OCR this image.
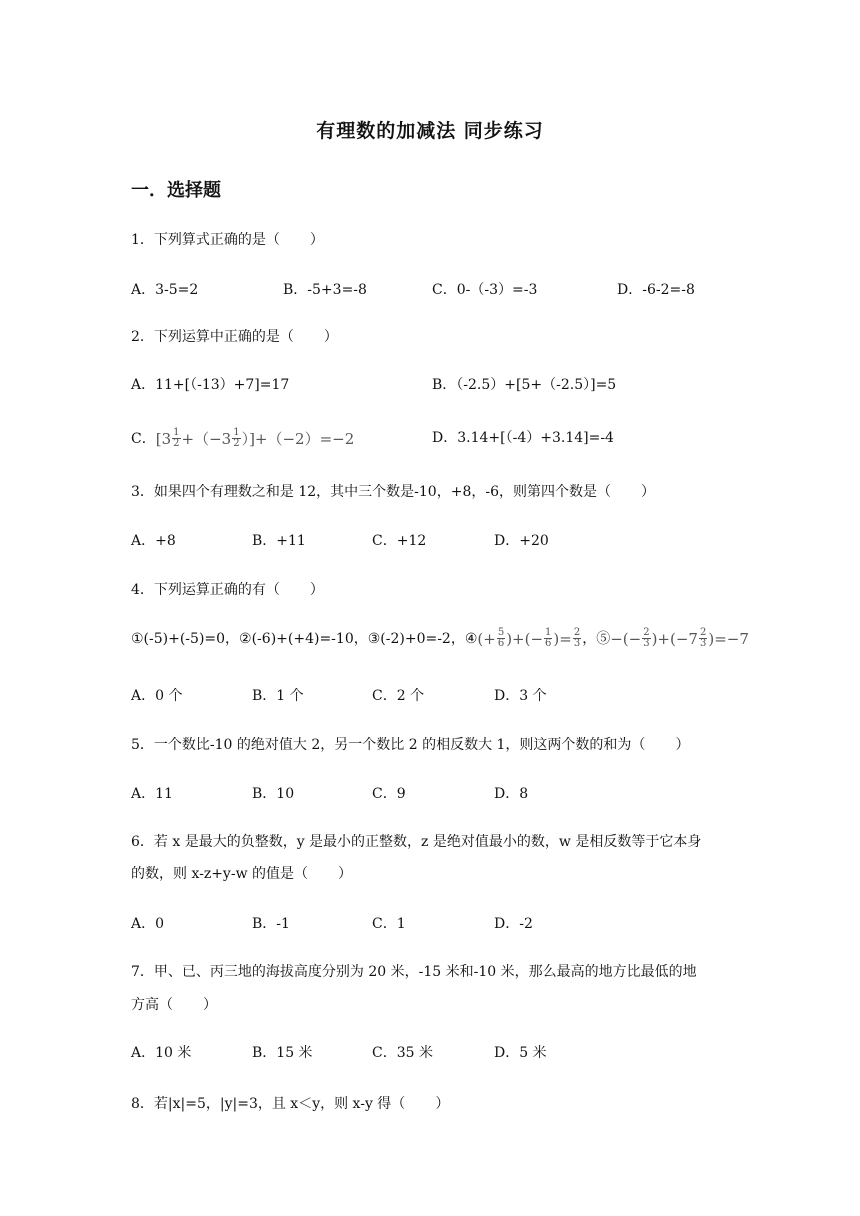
有理数的加减法 同步练习
一．选择题
1．下列算式正确的是（ ）
A．3-5=2	B．-5+3=-8	C．0-（-3）=-3	D．-6-2=-8
2．下列运算中正确的是（ ）
A．11+[（-13）+7]=17	B．（-2.5）+[5+（-2.5）]=5
C． $[3 \frac{1}{2} +(-3 \frac{1}{2} )]+(-2)=-2$	D．3.14+[（-4）+3.14]=-4
3．如果四个有理数之和是 12，其中三个数是-10，+8，-6，则第四个数是（ ）
A．+8	B．+11	C．+12	D．+20
4．下列运算正确的有（ ）
①(-5)+(-5)=0，②(-6)+(+4)=-10，③(-2)+0=-2，④ (+ $\frac{5}{6}$ )+(− $\frac{1}{6}$ )= $\frac{2}{3}$ ，⑤ −(− $\frac{2}{3} )+(-7 \frac{2}{3} )=-7$
A．0 个	B．1 个	C．2 个	D．3 个
5．一个数比-10 的绝对值大 2，另一个数比 2 的相反数大 1，则这两个数的和为（ ）
A．11	B．10	C．9	D．8
6．若 x 是最大的负整数，y 是最小的正整数，z 是绝对值最小的数，w 是相反数等于它本身
的数，则 x-z+y-w 的值是（ ）
A．0	B．-1	C．1	D．-2
7．甲、已、丙三地的海拔高度分别为 20 米，-15 米和-10 米，那么最高的地方比最低的地
方高（ ）
A．10 米	B．15 米	C．35 米	D．5 米
8．若|x|=5，|y|=3，且 x＜y，则 x-y 得（ ）
